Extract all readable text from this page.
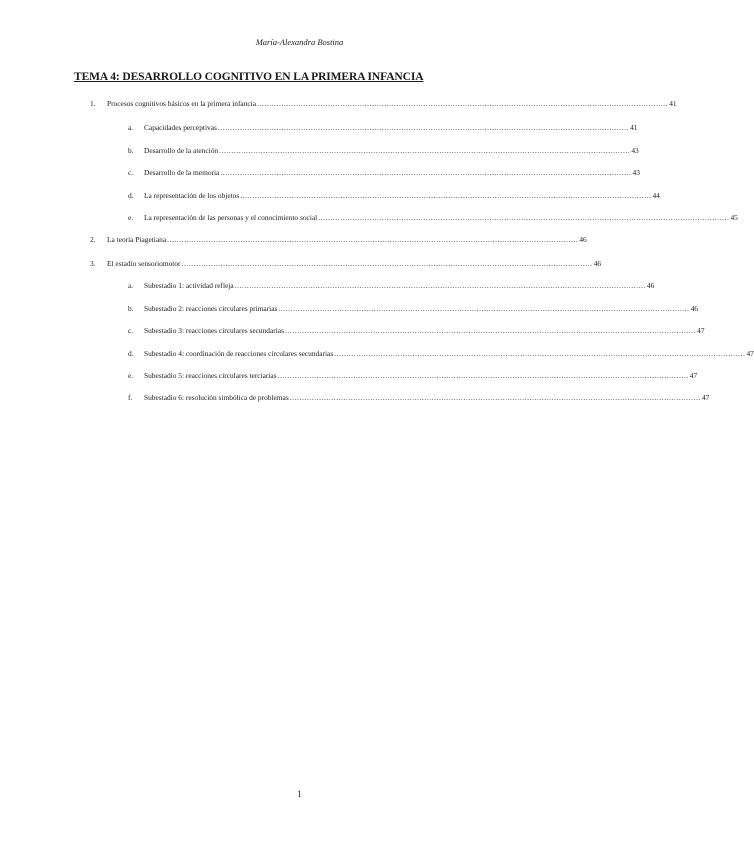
María-Alexandra Bostina
TEMA 4: DESARROLLO COGNITIVO EN LA PRIMERA INFANCIA
1. Procesos cognitivos básicos en la primera infancia ........................................................................................................................................................................ 41
a. Capacidades perceptivas ........................................................................................................................................................................ 41
b. Desarrollo de la atención ........................................................................................................................................................................ 43
c. Desarrollo de la memoria ........................................................................................................................................................................ 43
d. La representación de los objetos ........................................................................................................................................................................ 44
e. La representación de las personas y el conocimiento social ........................................................................................................................................................................ 45
2. La teoría Piagetiana ........................................................................................................................................................................ 46
3. El estadio sensoriomotor ........................................................................................................................................................................ 46
a. Subestadio 1: actividad refleja ........................................................................................................................................................................ 46
b. Subestadio 2: reacciones circulares primarias ........................................................................................................................................................................ 46
c. Subestadio 3: reacciones circulares secundarias ........................................................................................................................................................................ 47
d. Subestadio 4: coordinación de reacciones circulares secundarias ........................................................................................................................................................................ 47
e. Subestadio 5: reacciones circulares terciarias ........................................................................................................................................................................ 47
f. Subestadio 6: resolución simbólica de problemas ........................................................................................................................................................................ 47
1
